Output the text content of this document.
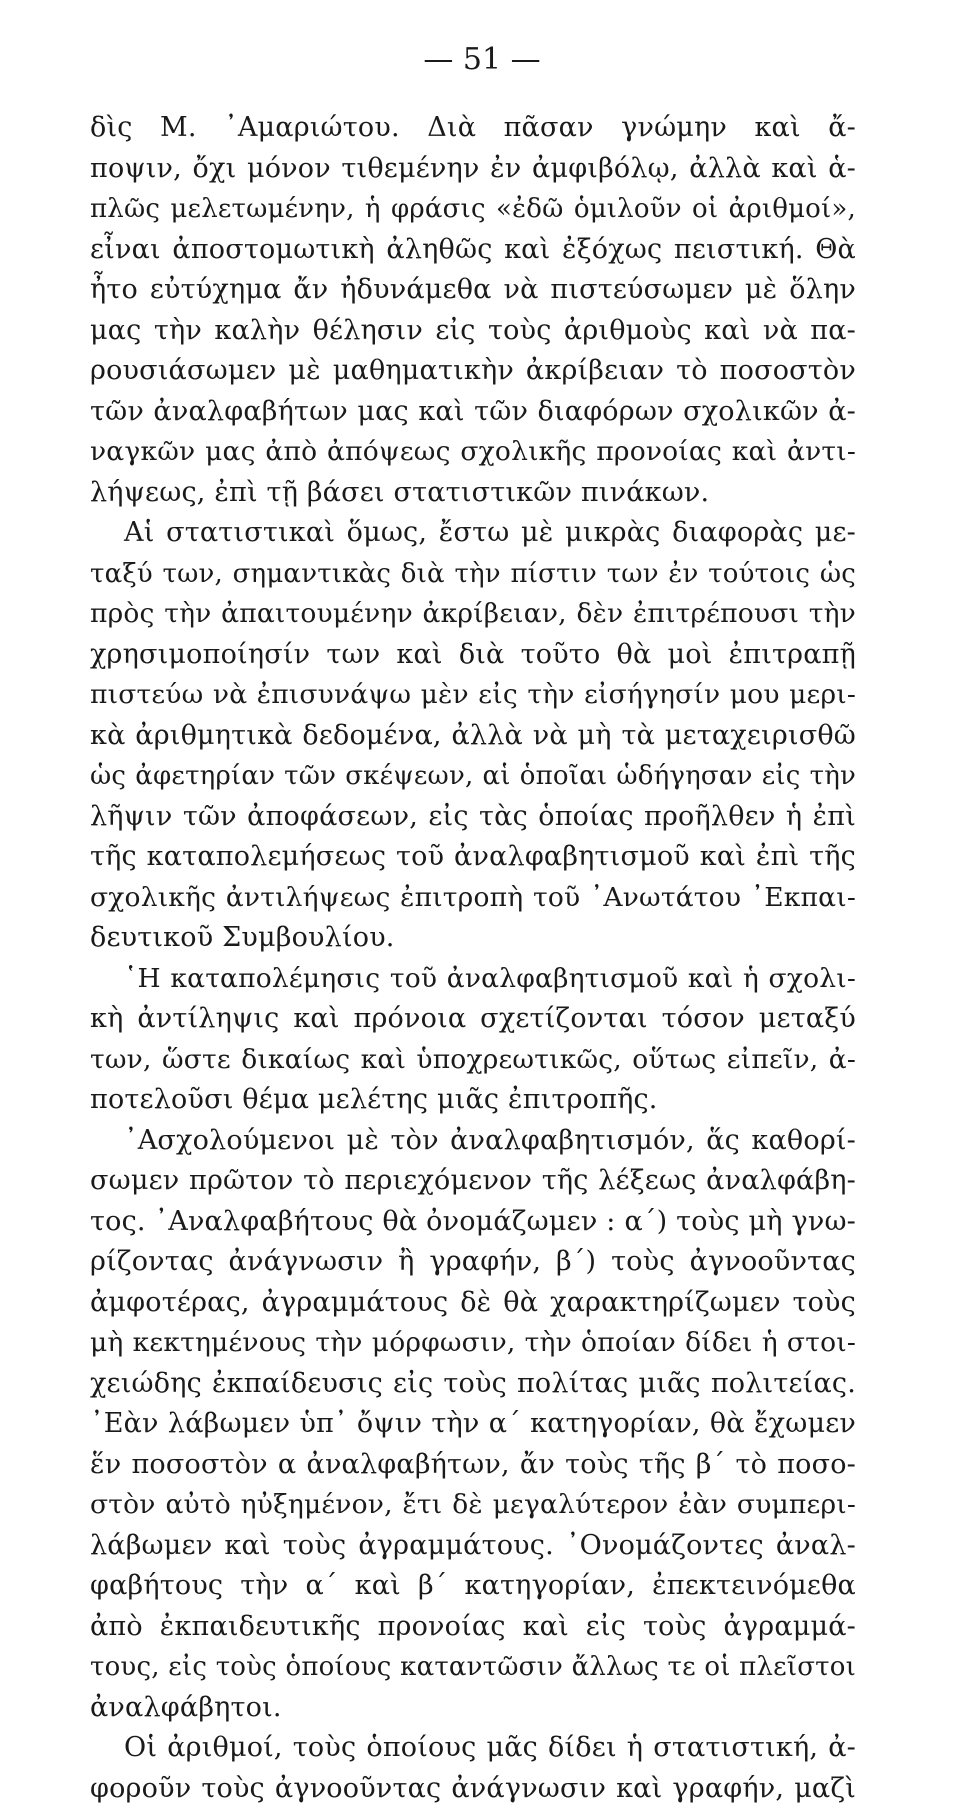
— 51 —
δὶς Μ. ᾿Αμαριώτου. Διὰ πᾶσαν γνώμην καὶ ἄ-
ποψιν, ὄχι μόνον τιθεμένην ἐν ἀμφιβόλῳ, ἀλλὰ καὶ ἁ-
πλῶς μελετωμένην, ἡ φράσις «ἐδῶ ὁμιλοῦν οἱ ἀριθμοί»,
εἶναι ἀποστομωτικὴ ἀληθῶς καὶ ἐξόχως πειστική. Θὰ
ἦτο εὐτύχημα ἄν ἠδυνάμεθα νὰ πιστεύσωμεν μὲ ὅλην
μας τὴν καλὴν θέλησιν εἰς τοὺς ἀριθμοὺς καὶ νὰ πα-
ρουσιάσωμεν μὲ μαθηματικὴν ἀκρίβειαν τὸ ποσοστὸν
τῶν ἀναλφαβήτων μας καὶ τῶν διαφόρων σχολικῶν ἀ-
ναγκῶν μας ἀπὸ ἀπόψεως σχολικῆς προνοίας καὶ ἀντι-
λήψεως, ἐπὶ τῇ βάσει στατιστικῶν πινάκων.
Αἱ στατιστικαὶ ὅμως, ἔστω μὲ μικρὰς διαφορὰς με-
ταξύ των, σημαντικὰς διὰ τὴν πίστιν των ἐν τούτοις ὡς
πρὸς τὴν ἀπαιτουμένην ἀκρίβειαν, δὲν ἐπιτρέπουσι τὴν
χρησιμοποίησίν των καὶ διὰ τοῦτο θὰ μοὶ ἐπιτραπῇ
πιστεύω νὰ ἐπισυνάψω μὲν εἰς τὴν εἰσήγησίν μου μερι-
κὰ ἀριθμητικὰ δεδομένα, ἀλλὰ νὰ μὴ τὰ μεταχειρισθῶ
ὡς ἀφετηρίαν τῶν σκέψεων, αἱ ὁποῖαι ὡδήγησαν εἰς τὴν
λῆψιν τῶν ἀποφάσεων, εἰς τὰς ὁποίας προῆλθεν ἡ ἐπὶ
τῆς καταπολεμήσεως τοῦ ἀναλφαβητισμοῦ καὶ ἐπὶ τῆς
σχολικῆς ἀντιλήψεως ἐπιτροπὴ τοῦ ᾿Ανωτάτου ᾿Εκπαι-
δευτικοῦ Συμβουλίου.
῾Η καταπολέμησις τοῦ ἀναλφαβητισμοῦ καὶ ἡ σχολι-
κὴ ἀντίληψις καὶ πρόνοια σχετίζονται τόσον μεταξύ
των, ὥστε δικαίως καὶ ὑποχρεωτικῶς, οὕτως εἰπεῖν, ἀ-
ποτελοῦσι θέμα μελέτης μιᾶς ἐπιτροπῆς.
᾿Ασχολούμενοι μὲ τὸν ἀναλφαβητισμόν, ἅς καθορί-
σωμεν πρῶτον τὸ περιεχόμενον τῆς λέξεως ἀναλφάβη-
τος. ᾿Αναλφαβήτους θὰ ὀνομάζωμεν : α΄) τοὺς μὴ γνω-
ρίζοντας ἀνάγνωσιν ἢ γραφήν, β΄) τοὺς ἀγνοοῦντας
ἀμφοτέρας, ἀγραμμάτους δὲ θὰ χαρακτηρίζωμεν τοὺς
μὴ κεκτημένους τὴν μόρφωσιν, τὴν ὁποίαν δίδει ἡ στοι-
χειώδης ἐκπαίδευσις εἰς τοὺς πολίτας μιᾶς πολιτείας.
᾿Εὰν λάβωμεν ὑπ᾿ ὄψιν τὴν α΄ κατηγορίαν, θὰ ἔχωμεν
ἕν ποσοστὸν α ἀναλφαβήτων, ἄν τοὺς τῆς β΄ τὸ ποσο-
στὸν αὐτὸ ηὐξημένον, ἔτι δὲ μεγαλύτερον ἐὰν συμπερι-
λάβωμεν καὶ τοὺς ἀγραμμάτους. ᾿Ονομάζοντες ἀναλ-
φαβήτους τὴν α΄ καὶ β΄ κατηγορίαν, ἐπεκτεινόμεθα
ἀπὸ ἐκπαιδευτικῆς προνοίας καὶ εἰς τοὺς ἀγραμμά-
τους, εἰς τοὺς ὁποίους καταντῶσιν ἄλλως τε οἱ πλεῖστοι
ἀναλφάβητοι.
Οἱ ἀριθμοί, τοὺς ὁποίους μᾶς δίδει ἡ στατιστική, ἀ-
φοροῦν τοὺς ἀγνοοῦντας ἀνάγνωσιν καὶ γραφήν, μαζὶ
